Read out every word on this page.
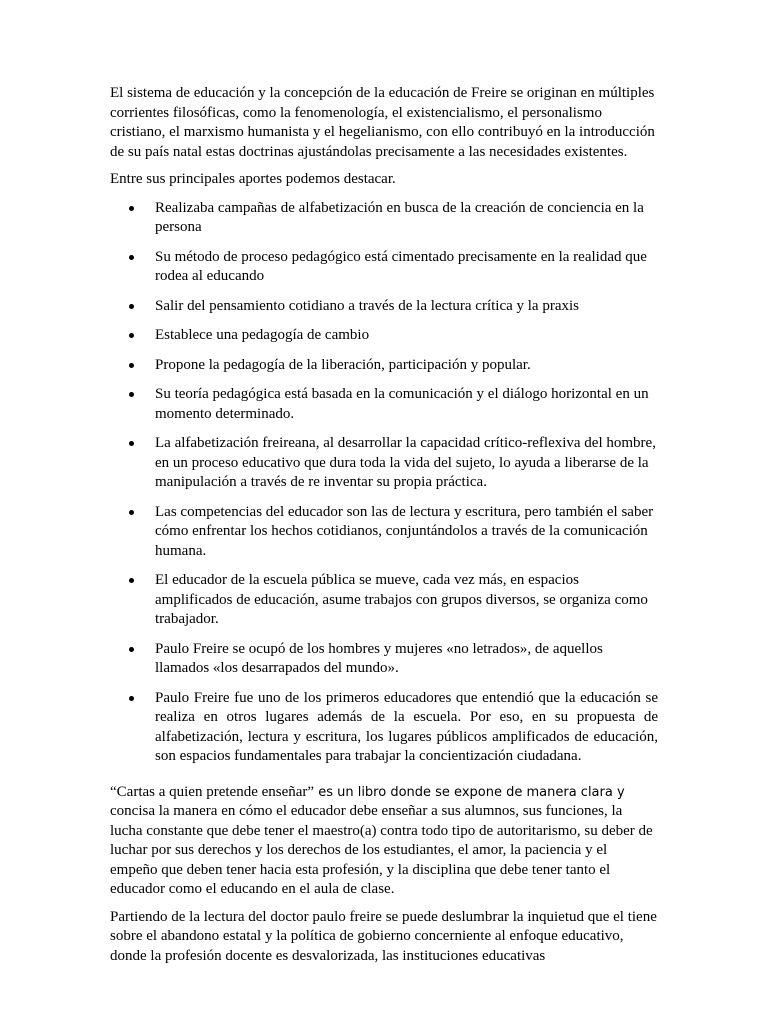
El sistema de educación y la concepción de la educación de Freire se originan en múltiples corrientes filosóficas, como la fenomenología, el existencialismo, el personalismo cristiano, el marxismo humanista y el hegelianismo, con ello contribuyó en la introducción de su país natal estas doctrinas ajustándolas precisamente a las necesidades existentes.

Entre sus principales aportes podemos destacar.

Realizaba campañas de alfabetización en busca de la creación de conciencia en la persona
Su método de proceso pedagógico está cimentado precisamente en la realidad que rodea al educando
Salir del pensamiento cotidiano a través de la lectura crítica y la praxis
Establece una pedagogía de cambio
Propone la pedagogía de la liberación, participación y popular.
Su teoría pedagógica está basada en la comunicación y el diálogo horizontal en un momento determinado.
La alfabetización freireana, al desarrollar la capacidad crítico-reflexiva del hombre, en un proceso educativo que dura toda la vida del sujeto, lo ayuda a liberarse de la manipulación a través de re inventar su propia práctica.
Las competencias del educador son las de lectura y escritura, pero también el saber cómo enfrentar los hechos cotidianos, conjuntándolos a través de la comunicación humana.
El educador de la escuela pública se mueve, cada vez más, en espacios amplificados de educación, asume trabajos con grupos diversos, se organiza como trabajador.
Paulo Freire se ocupó de los hombres y mujeres «no letrados», de aquellos llamados «los desarrapados del mundo».
Paulo Freire fue uno de los primeros educadores que entendió que la educación se realiza en otros lugares además de la escuela. Por eso, en su propuesta de alfabetización, lectura y escritura, los lugares públicos amplificados de educación, son espacios fundamentales para trabajar la concientización ciudadana.

“Cartas a quien pretende enseñar” es un libro donde se expone de manera clara y concisa la manera en cómo el educador debe enseñar a sus alumnos, sus funciones, la lucha constante que debe tener el maestro(a) contra todo tipo de autoritarismo, su deber de luchar por sus derechos y los derechos de los estudiantes, el amor, la paciencia y el empeño que deben tener hacia esta profesión, y la disciplina que debe tener tanto el educador como el educando en el aula de clase.

Partiendo de la lectura del doctor paulo freire se puede deslumbrar la inquietud que el tiene sobre el abandono estatal y la política de gobierno concerniente al enfoque educativo, donde la profesión docente es desvalorizada, las instituciones educativas
